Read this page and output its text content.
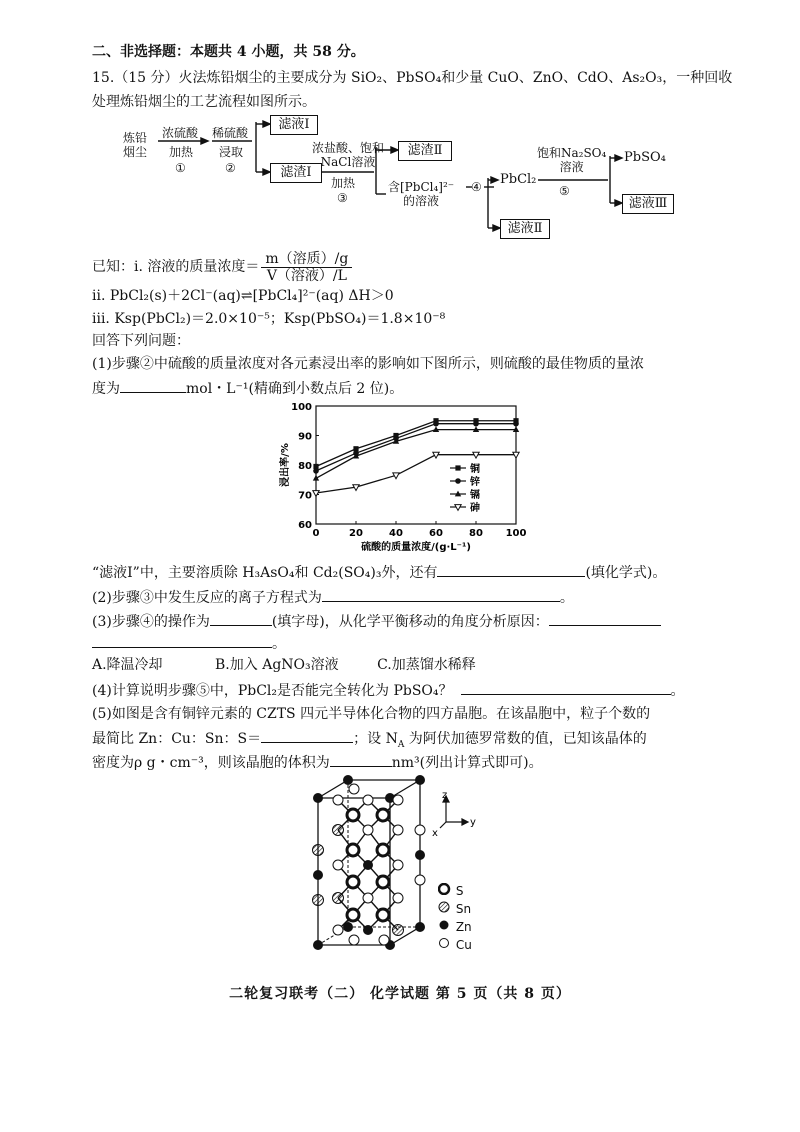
二、非选择题：本题共 4 小题，共 58 分。
15.（15 分）火法炼铅烟尘的主要成分为 SiO₂、PbSO₄和少量 CuO、ZnO、CdO、As₂O₃，一种回收
处理炼铅烟尘的工艺流程如图所示。
炼铅
烟尘
浓硫酸
加热
①
稀硫酸
浸取
②
滤液Ⅰ
滤渣Ⅰ
浓盐酸、饱和
NaCl溶液
加热
③
滤渣Ⅱ
含[PbCl₄]²⁻
的溶液
④ PbCl₂
饱和Na₂SO₄
溶液
⑤
PbSO₄
滤液Ⅲ
滤液Ⅱ
已知：ⅰ. 溶液的质量浓度＝ $\frac{\text{m（溶质）/g}}{\text{V（溶液）/L}}$
ⅱ. PbCl₂(s)＋2Cl⁻(aq)⇌[PbCl₄]²⁻(aq) ΔH＞0
ⅲ. Ksp(PbCl₂)＝2.0×10⁻⁵；Ksp(PbSO₄)＝1.8×10⁻⁸
回答下列问题：
(1)步骤②中硫酸的质量浓度对各元素浸出率的影响如下图所示，则硫酸的最佳物质的量浓
度为	mol・L⁻¹(精确到小数点后 2 位)。
0	20	40	60	80 100
60
70
80
90
100
硫酸的质量浓度/(g·L⁻¹)
浸出率/%	铜
锌
镉
砷
“滤液Ⅰ”中，主要溶质除 H₃AsO₄和 Cd₂(SO₄)₃外，还有	(填化学式)。
(2)步骤③中发生反应的离子方程式为	。
(3)步骤④的操作为	(填字母)，从化学平衡移动的角度分析原因：
。
A.降温冷却	B.加入 AgNO₃溶液	C.加蒸馏水稀释
(4)计算说明步骤⑤中，PbCl₂是否能完全转化为 PbSO₄？	。
(5)如图是含有铜锌元素的 CZTS 四元半导体化合物的四方晶胞。在该晶胞中，粒子个数的
最简比 Zn：Cu：Sn：S＝	；设 $N_A$ 为阿伏加德罗常数的值，已知该晶体的
密度为ρ g・cm⁻³，则该晶胞的体积为	nm³(列出计算式即可)。
z
y
x
S
Sn
Zn
Cu
二轮复习联考（二） 化学试题 第 5 页（共 8 页）
